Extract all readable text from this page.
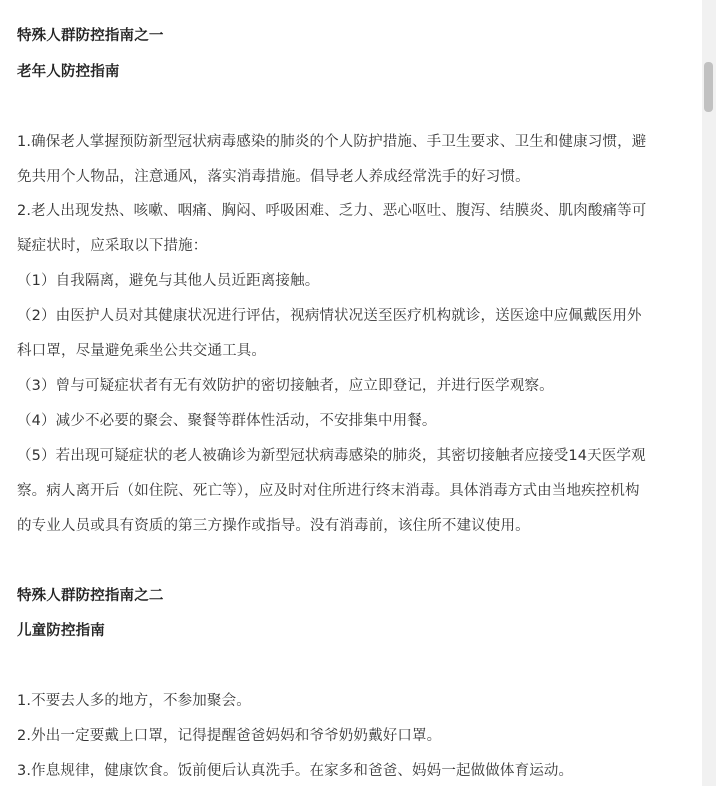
特殊人群防控指南之一
老年人防控指南
1.确保老人掌握预防新型冠状病毒感染的肺炎的个人防护措施、手卫生要求、卫生和健康习惯，避
免共用个人物品，注意通风，落实消毒措施。倡导老人养成经常洗手的好习惯。
2.老人出现发热、咳嗽、咽痛、胸闷、呼吸困难、乏力、恶心呕吐、腹泻、结膜炎、肌肉酸痛等可
疑症状时，应采取以下措施：
（1）自我隔离，避免与其他人员近距离接触。
（2）由医护人员对其健康状况进行评估，视病情状况送至医疗机构就诊，送医途中应佩戴医用外
科口罩，尽量避免乘坐公共交通工具。
（3）曾与可疑症状者有无有效防护的密切接触者，应立即登记，并进行医学观察。
（4）减少不必要的聚会、聚餐等群体性活动，不安排集中用餐。
（5）若出现可疑症状的老人被确诊为新型冠状病毒感染的肺炎，其密切接触者应接受14天医学观
察。病人离开后（如住院、死亡等），应及时对住所进行终末消毒。具体消毒方式由当地疾控机构
的专业人员或具有资质的第三方操作或指导。没有消毒前，该住所不建议使用。
特殊人群防控指南之二
儿童防控指南
1.不要去人多的地方，不参加聚会。
2.外出一定要戴上口罩，记得提醒爸爸妈妈和爷爷奶奶戴好口罩。
3.作息规律，健康饮食。饭前便后认真洗手。在家多和爸爸、妈妈一起做做体育运动。
